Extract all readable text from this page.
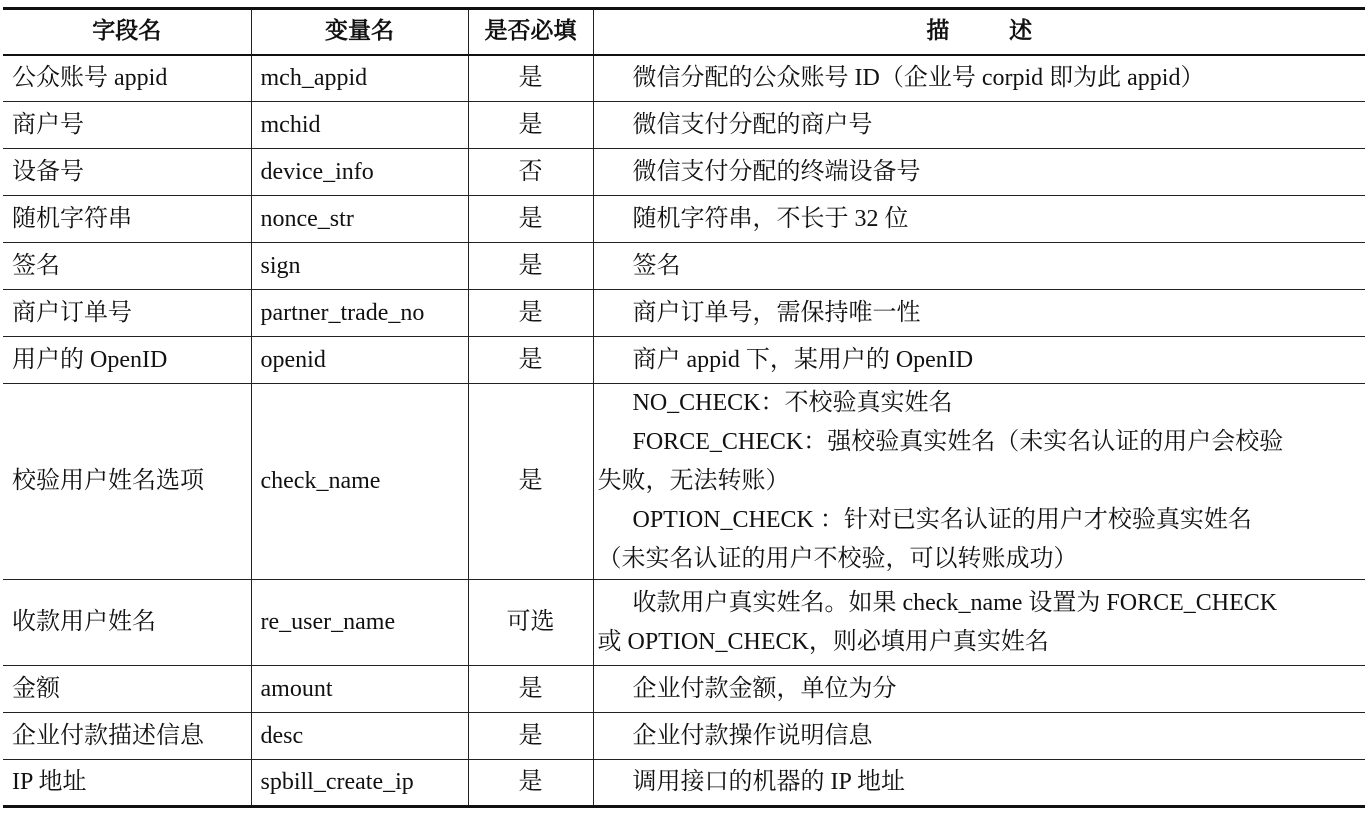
字段名	变量名	是否必填	描述
公众账号 appid	mch_appid	是	微信分配的公众账号 ID（企业号 corpid 即为此 appid）

商户号	mchid	是	微信支付分配的商户号

设备号	device_info	否	微信支付分配的终端设备号

随机字符串	nonce_str	是	随机字符串，不长于 32 位

签名	sign	是	签名

商户订单号	partner_trade_no	是	商户订单号，需保持唯一性

用户的 OpenID	openid	是	商户 appid 下，某用户的 OpenID

校验用户姓名选项	check_name	是	NO_CHECK：不校验真实姓名
FORCE_CHECK：强校验真实姓名（未实名认证的用户会校验
失败，无法转账）
OPTION_CHECK ：针对已实名认证的用户才校验真实姓名
（未实名认证的用户不校验，可以转账成功）

收款用户姓名	re_user_name	可选	收款用户真实姓名。如果 check_name 设置为 FORCE_CHECK
或 OPTION_CHECK，则必填用户真实姓名

金额	amount	是	企业付款金额，单位为分

企业付款描述信息	desc	是	企业付款操作说明信息

IP 地址	spbill_create_ip	是	调用接口的机器的 IP 地址
